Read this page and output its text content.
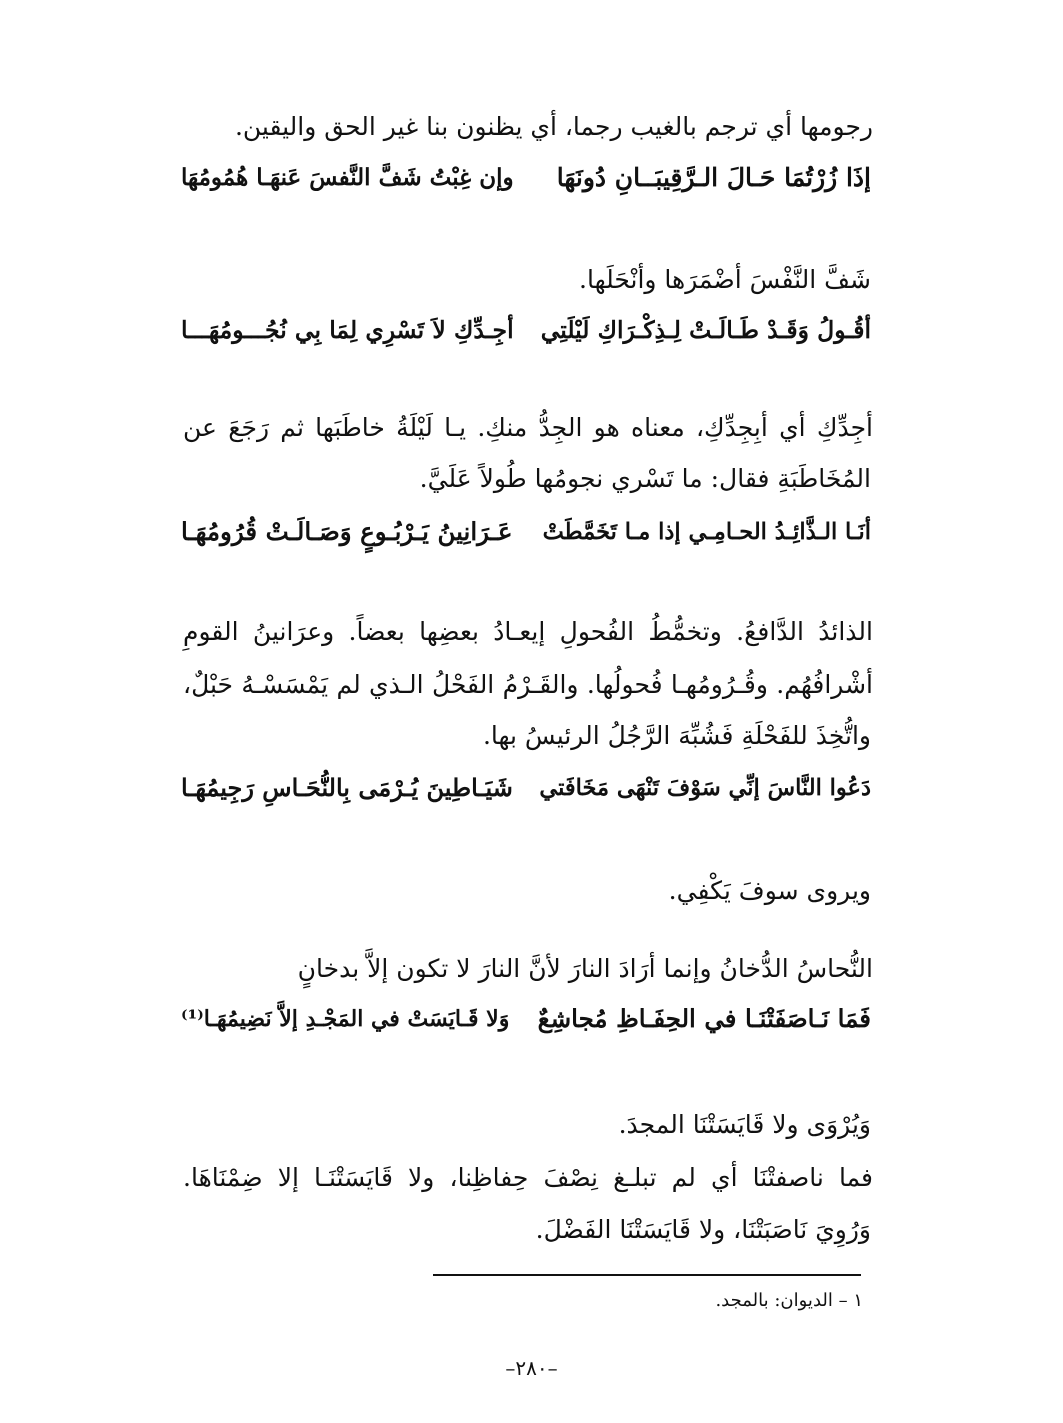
رجومها أي ترجم بالغيب رجما، أي يظنون بنا غير الحق واليقين.
إذَا زُرْتُمَا حَـالَ الـرَّقِيبَــانِ دُونَهَا
وإن غِبْتُ شَفَّ النَّفسَ عَنهَـا هُمُومُهَا
شَفَّ النَّفْسَ أضْمَرَها وأنْحَلَها.
أقُـولُ وَقَـدْ طَـالَـتْ لِـذِكْـرَاكِ لَيْلَتِي
أجِـدِّكِ لاَ تَسْرِي لِمَا بِي نُجُـــومُهَـــا
أجِدِّكِ أي أبِجِدِّكِ، معناه هو الجِدُّ منكِ. يـا لَيْلَةُ خاطَبَها ثم رَجَعَ عن
المُخَاطَبَةِ فقال: ما تَسْري نجومُها طُولاً عَلَيَّ.
أنَـا الـذَّائِـدُ الحـامِـي إذا مـا تَخَمَّطَتْ
عَـرَانِينُ يَـرْبُـوعٍ وَصَـالَـتْ قُرُومُهَـا
الذائدُ الدَّافعُ. وتخمُّطُ الفُحولِ إيعـادُ بعضِها بعضاً. وعرَانينُ القومِ
أشْرافُهُم. وقُـرُومُهـا فُحولُها. والقَـرْمُ الفَحْلُ الـذي لم يَمْسَسْـهُ حَبْلٌ،
واتُّخِذَ للفَحْلَةِ فَشُبِّهَ الرَّجُلُ الرئيسُ بها.
دَعُوا النَّاسَ إنِّي سَوْفَ تَنْهَى مَخَافَتي
شَيَـاطِينَ يُـرْمَى بِالنُّحَـاسِ رَجِيمُهَـا
ويروى سوفَ يَكْفِي.
النُّحاسُ الدُّخانُ وإنما أرَادَ النارَ لأنَّ النارَ لا تكون إلاَّ بدخانٍ
فَمَا نَـاصَفَتْنَـا في الحِفَـاظِ مُجاشِعٌ
وَلا قَـايَسَتْ في المَجْـدِ إلاَّ نَضِيمُهَـا⁽¹⁾
وَيُرْوَى ولا قَايَسَتْنَا المجدَ.
فما ناصفتْنَا أي لم تبلـغ نِصْفَ حِفاظِنا، ولا قَايَسَتْنَـا إلا ضِمْنَاهَا.
وَرُوِيَ نَاصَبَتْنَا، ولا قَايَسَتْنَا الفَضْلَ.
١ – الديوان: بالمجد.
–٢٨٠–
